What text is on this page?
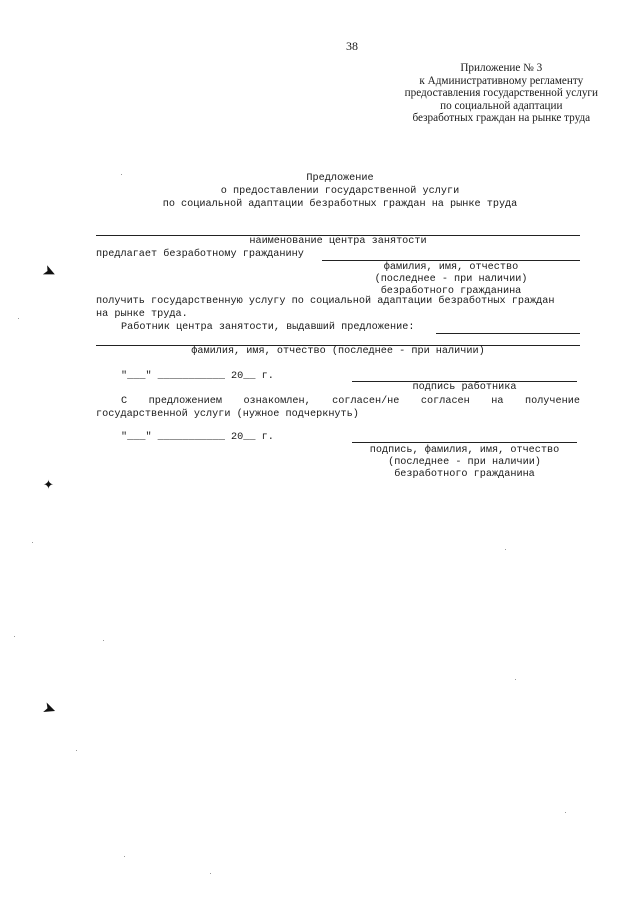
38
Приложение № 3
к Административному регламенту
предоставления государственной услуги
по социальной адаптации
безработных граждан на рынке труда
Предложение
о предоставлении государственной услуги
по социальной адаптации безработных граждан на рынке труда
наименование центра занятости
предлагает безработному гражданину
фамилия, имя, отчество
(последнее - при наличии)
безработного гражданина
получить государственную услугу по социальной адаптации безработных граждан
на рынке труда.
Работник центра занятости, выдавший предложение:
фамилия, имя, отчество (последнее - при наличии)
"___" ___________ 20__ г.
подпись работника
С предложением ознакомлен, согласен/не согласен на получение
государственной услуги (нужное подчеркнуть)
"___" ___________ 20__ г.
подпись, фамилия, имя, отчество
(последнее - при наличии)
безработного гражданина
➤
✦
➤
